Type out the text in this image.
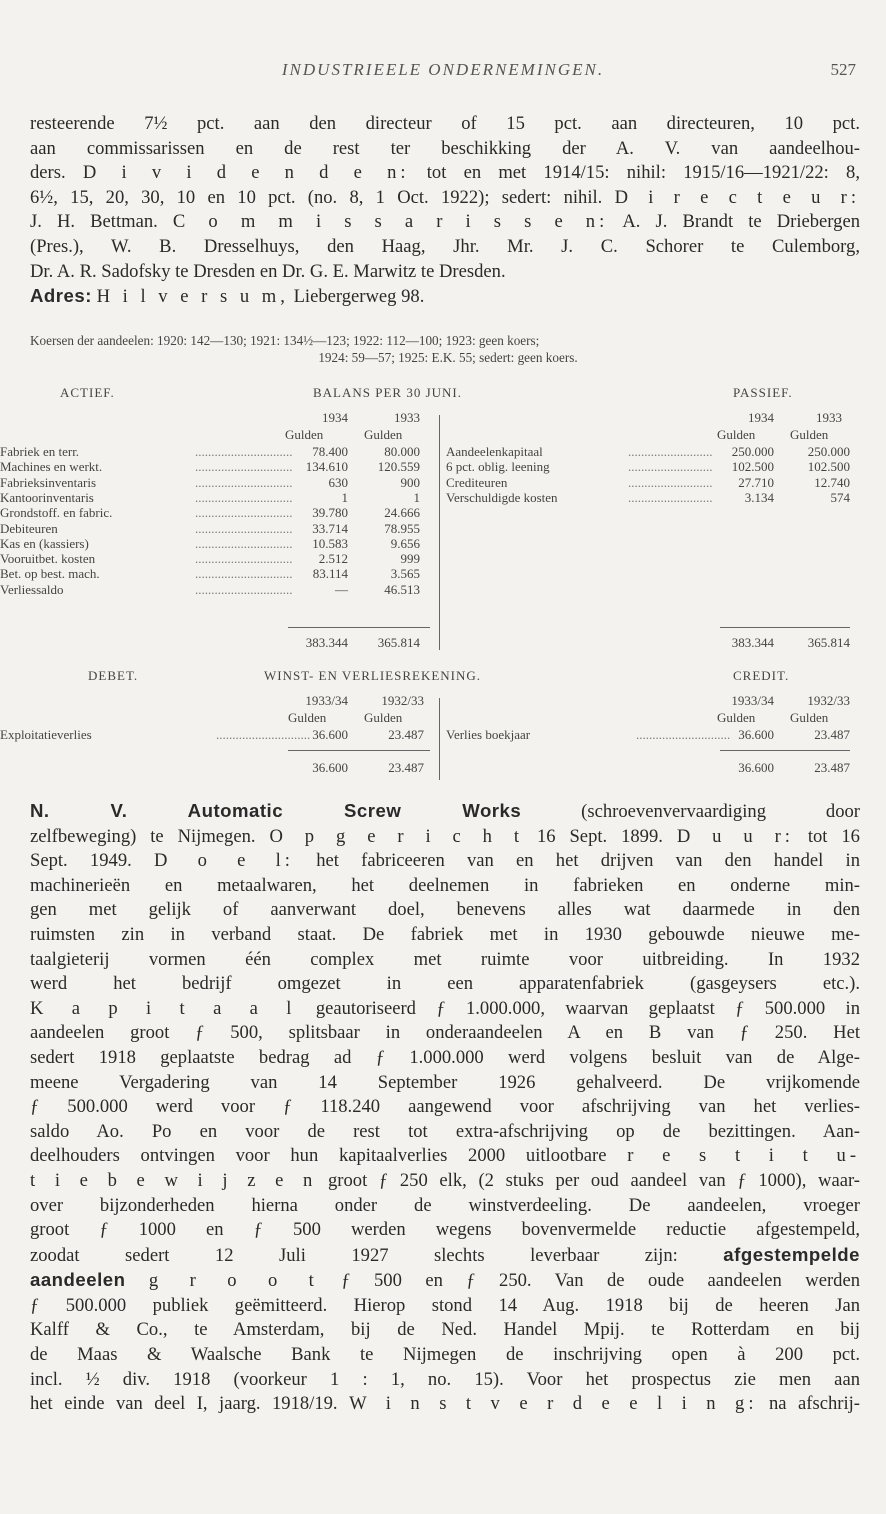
INDUSTRIEELE ONDERNEMINGEN.	527
resteerende 7½ pct. aan den directeur of 15 pct. aan directeuren, 10 pct.
aan commissarissen en de rest ter beschikking der A. V. van aandeelhou-
ders. D i v i d e n d e n: tot en met 1914/15: nihil: 1915/16—1921/22: 8,
6½, 15, 20, 30, 10 en 10 pct. (no. 8, 1 Oct. 1922); sedert: nihil. D i r e c t e u r:
J. H. Bettman. C o m m i s s a r i s s e n: A. J. Brandt te Driebergen
(Pres.), W. B. Dresselhuys, den Haag, Jhr. Mr. J. C. Schorer te Culemborg,
Dr. A. R. Sadofsky te Dresden en Dr. G. E. Marwitz te Dresden.
Adres: H i l v e r s u m, Liebergerweg 98.
Koersen der aandeelen: 1920: 142—130; 1921: 134½—123; 1922: 112—100; 1923: geen koers;
1924: 59—57; 1925: E.K. 55; sedert: geen koers.
ACTIEF.	BALANS PER 30 JUNI.	PASSIEF.
1934	1933	1934	1933
Gulden	Gulden	Gulden	Gulden
Fabriek en terr.	..............................	78.400	80.000
Machines en werkt.	..............................	134.610	120.559
Fabrieksinventaris	..............................	630	900
Kantoorinventaris	..............................	1	1
Grondstoff. en fabric.	..............................	39.780	24.666
Debiteuren	..............................	33.714	78.955
Kas en (kassiers)	..............................	10.583	9.656
Vooruitbet. kosten	..............................	2.512	999
Bet. op best. mach.	..............................	83.114	3.565
Verliessaldo	..............................	—	46.513
Aandeelenkapitaal	..........................	250.000	250.000
6 pct. oblig. leening	..........................	102.500	102.500
Crediteuren	..........................	27.710	12.740
Verschuldigde kosten	..........................	3.134	574
383.344	365.814	383.344	365.814
DEBET.	WINST- EN VERLIESREKENING.	CREDIT.
1933/34	1932/33	1933/34	1932/33
Gulden	Gulden	Gulden	Gulden
Exploitatieverlies	............................. 36.600	23.487 Verlies boekjaar	............................. 36.600	23.487
36.600	23.487	36.600	23.487
N. V. Automatic Screw Works	(schroevenvervaardiging door
zelfbeweging) te Nijmegen. O p g e r i c h t 16 Sept. 1899. D u u r: tot 16
Sept. 1949. D o e l: het fabriceeren van en het drijven van den handel in
machinerieën en metaalwaren, het deelnemen in fabrieken en onderne min-
gen met gelijk of aanverwant doel, benevens alles wat daarmede in den
ruimsten zin in verband staat. De fabriek met in 1930 gebouwde nieuwe me-
taalgieterij vormen één complex met ruimte voor uitbreiding. In 1932
werd het bedrijf omgezet in een apparatenfabriek (gasgeysers etc.).
K a p i t a a l geautoriseerd ƒ 1.000.000, waarvan geplaatst ƒ 500.000 in
aandeelen groot ƒ 500, splitsbaar in onderaandeelen A en B van ƒ 250. Het
sedert 1918 geplaatste bedrag ad ƒ 1.000.000 werd volgens besluit van de Alge-
meene Vergadering van 14 September 1926 gehalveerd. De vrijkomende
ƒ 500.000 werd voor ƒ 118.240 aangewend voor afschrijving van het verlies-
saldo Ao. Po en voor de rest tot extra-afschrijving op de bezittingen. Aan-
deelhouders ontvingen voor hun kapitaalverlies 2000 uitlootbare r e s t i t u-
t i e b e w i j z e n groot ƒ 250 elk, (2 stuks per oud aandeel van ƒ 1000), waar-
over bijzonderheden hierna onder de winstverdeeling. De aandeelen, vroeger
groot ƒ 1000 en ƒ 500 werden wegens bovenvermelde reductie afgestempeld,
zoodat sedert 12 Juli 1927 slechts leverbaar zijn: afgestempelde
aandeelen g r o o t ƒ 500 en ƒ 250. Van de oude aandeelen werden
ƒ 500.000 publiek geëmitteerd. Hierop stond 14 Aug. 1918 bij de heeren Jan
Kalff & Co., te Amsterdam, bij de Ned. Handel Mpij. te Rotterdam en bij
de Maas & Waalsche Bank te Nijmegen de inschrijving open à 200 pct.
incl. ½ div. 1918 (voorkeur 1 : 1, no. 15). Voor het prospectus zie men aan
het einde van deel I, jaarg. 1918/19. W i n s t v e r d e e l i n g: na afschrij-
